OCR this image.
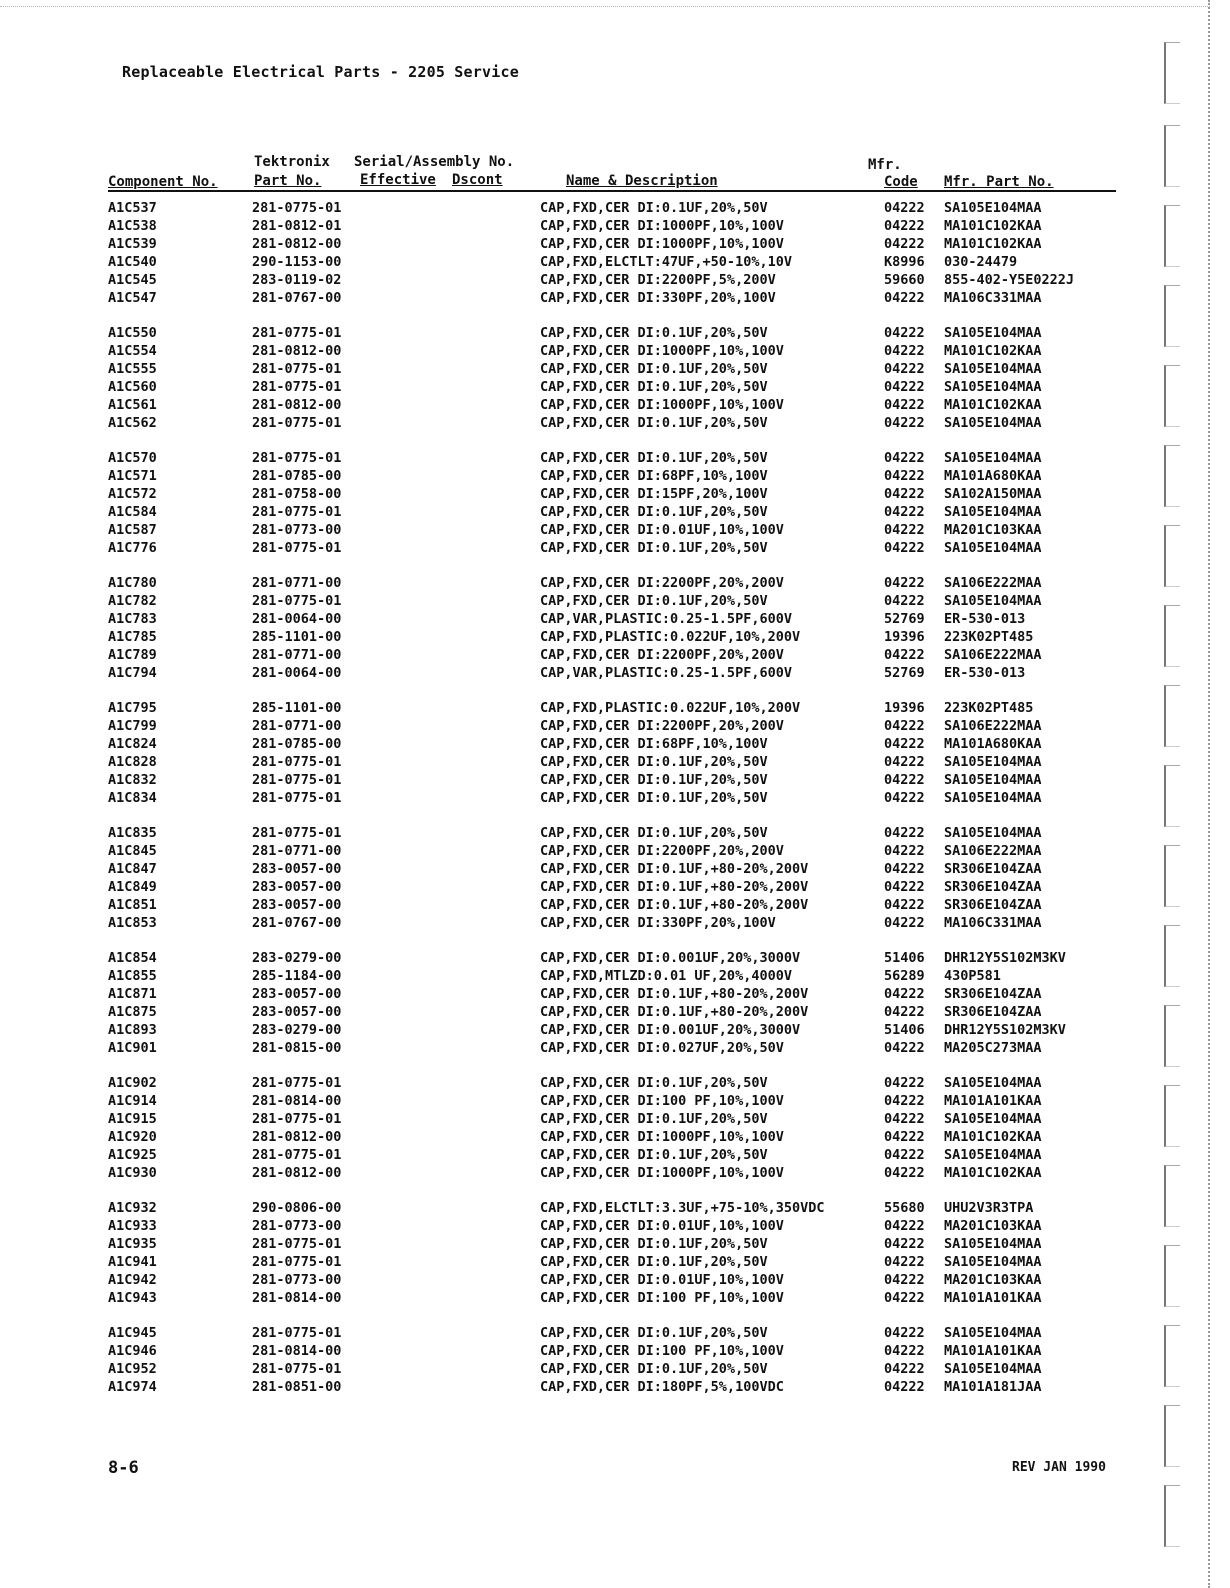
Replaceable Electrical Parts - 2205 Service
Tektronix Serial/Assembly No.	Mfr.
Component No.	Part No.	Effective Dscont	Name & Description	Code Mfr. Part No.
A1C537	281-0775-01	CAP,FXD,CER DI:0.1UF,20%,50V	04222 SA105E104MAA
A1C538	281-0812-01	CAP,FXD,CER DI:1000PF,10%,100V	04222 MA101C102KAA
A1C539	281-0812-00	CAP,FXD,CER DI:1000PF,10%,100V	04222 MA101C102KAA
A1C540	290-1153-00	CAP,FXD,ELCTLT:47UF,+50-10%,10V	K8996 030-24479
A1C545	283-0119-02	CAP,FXD,CER DI:2200PF,5%,200V	59660 855-402-Y5E0222J
A1C547	281-0767-00	CAP,FXD,CER DI:330PF,20%,100V	04222 MA106C331MAA
A1C550	281-0775-01	CAP,FXD,CER DI:0.1UF,20%,50V	04222 SA105E104MAA
A1C554	281-0812-00	CAP,FXD,CER DI:1000PF,10%,100V	04222 MA101C102KAA
A1C555	281-0775-01	CAP,FXD,CER DI:0.1UF,20%,50V	04222 SA105E104MAA
A1C560	281-0775-01	CAP,FXD,CER DI:0.1UF,20%,50V	04222 SA105E104MAA
A1C561	281-0812-00	CAP,FXD,CER DI:1000PF,10%,100V	04222 MA101C102KAA
A1C562	281-0775-01	CAP,FXD,CER DI:0.1UF,20%,50V	04222 SA105E104MAA
A1C570	281-0775-01	CAP,FXD,CER DI:0.1UF,20%,50V	04222 SA105E104MAA
A1C571	281-0785-00	CAP,FXD,CER DI:68PF,10%,100V	04222 MA101A680KAA
A1C572	281-0758-00	CAP,FXD,CER DI:15PF,20%,100V	04222 SA102A150MAA
A1C584	281-0775-01	CAP,FXD,CER DI:0.1UF,20%,50V	04222 SA105E104MAA
A1C587	281-0773-00	CAP,FXD,CER DI:0.01UF,10%,100V	04222 MA201C103KAA
A1C776	281-0775-01	CAP,FXD,CER DI:0.1UF,20%,50V	04222 SA105E104MAA
A1C780	281-0771-00	CAP,FXD,CER DI:2200PF,20%,200V	04222 SA106E222MAA
A1C782	281-0775-01	CAP,FXD,CER DI:0.1UF,20%,50V	04222 SA105E104MAA
A1C783	281-0064-00	CAP,VAR,PLASTIC:0.25-1.5PF,600V	52769 ER-530-013
A1C785	285-1101-00	CAP,FXD,PLASTIC:0.022UF,10%,200V	19396 223K02PT485
A1C789	281-0771-00	CAP,FXD,CER DI:2200PF,20%,200V	04222 SA106E222MAA
A1C794	281-0064-00	CAP,VAR,PLASTIC:0.25-1.5PF,600V	52769 ER-530-013
A1C795	285-1101-00	CAP,FXD,PLASTIC:0.022UF,10%,200V	19396 223K02PT485
A1C799	281-0771-00	CAP,FXD,CER DI:2200PF,20%,200V	04222 SA106E222MAA
A1C824	281-0785-00	CAP,FXD,CER DI:68PF,10%,100V	04222 MA101A680KAA
A1C828	281-0775-01	CAP,FXD,CER DI:0.1UF,20%,50V	04222 SA105E104MAA
A1C832	281-0775-01	CAP,FXD,CER DI:0.1UF,20%,50V	04222 SA105E104MAA
A1C834	281-0775-01	CAP,FXD,CER DI:0.1UF,20%,50V	04222 SA105E104MAA
A1C835	281-0775-01	CAP,FXD,CER DI:0.1UF,20%,50V	04222 SA105E104MAA
A1C845	281-0771-00	CAP,FXD,CER DI:2200PF,20%,200V	04222 SA106E222MAA
A1C847	283-0057-00	CAP,FXD,CER DI:0.1UF,+80-20%,200V	04222 SR306E104ZAA
A1C849	283-0057-00	CAP,FXD,CER DI:0.1UF,+80-20%,200V	04222 SR306E104ZAA
A1C851	283-0057-00	CAP,FXD,CER DI:0.1UF,+80-20%,200V	04222 SR306E104ZAA
A1C853	281-0767-00	CAP,FXD,CER DI:330PF,20%,100V	04222 MA106C331MAA
A1C854	283-0279-00	CAP,FXD,CER DI:0.001UF,20%,3000V	51406 DHR12Y5S102M3KV
A1C855	285-1184-00	CAP,FXD,MTLZD:0.01 UF,20%,4000V	56289 430P581
A1C871	283-0057-00	CAP,FXD,CER DI:0.1UF,+80-20%,200V	04222 SR306E104ZAA
A1C875	283-0057-00	CAP,FXD,CER DI:0.1UF,+80-20%,200V	04222 SR306E104ZAA
A1C893	283-0279-00	CAP,FXD,CER DI:0.001UF,20%,3000V	51406 DHR12Y5S102M3KV
A1C901	281-0815-00	CAP,FXD,CER DI:0.027UF,20%,50V	04222 MA205C273MAA
A1C902	281-0775-01	CAP,FXD,CER DI:0.1UF,20%,50V	04222 SA105E104MAA
A1C914	281-0814-00	CAP,FXD,CER DI:100 PF,10%,100V	04222 MA101A101KAA
A1C915	281-0775-01	CAP,FXD,CER DI:0.1UF,20%,50V	04222 SA105E104MAA
A1C920	281-0812-00	CAP,FXD,CER DI:1000PF,10%,100V	04222 MA101C102KAA
A1C925	281-0775-01	CAP,FXD,CER DI:0.1UF,20%,50V	04222 SA105E104MAA
A1C930	281-0812-00	CAP,FXD,CER DI:1000PF,10%,100V	04222 MA101C102KAA
A1C932	290-0806-00	CAP,FXD,ELCTLT:3.3UF,+75-10%,350VDC	55680 UHU2V3R3TPA
A1C933	281-0773-00	CAP,FXD,CER DI:0.01UF,10%,100V	04222 MA201C103KAA
A1C935	281-0775-01	CAP,FXD,CER DI:0.1UF,20%,50V	04222 SA105E104MAA
A1C941	281-0775-01	CAP,FXD,CER DI:0.1UF,20%,50V	04222 SA105E104MAA
A1C942	281-0773-00	CAP,FXD,CER DI:0.01UF,10%,100V	04222 MA201C103KAA
A1C943	281-0814-00	CAP,FXD,CER DI:100 PF,10%,100V	04222 MA101A101KAA
A1C945	281-0775-01	CAP,FXD,CER DI:0.1UF,20%,50V	04222 SA105E104MAA
A1C946	281-0814-00	CAP,FXD,CER DI:100 PF,10%,100V	04222 MA101A101KAA
A1C952	281-0775-01	CAP,FXD,CER DI:0.1UF,20%,50V	04222 SA105E104MAA
A1C974	281-0851-00	CAP,FXD,CER DI:180PF,5%,100VDC	04222 MA101A181JAA
8-6	REV JAN 1990
